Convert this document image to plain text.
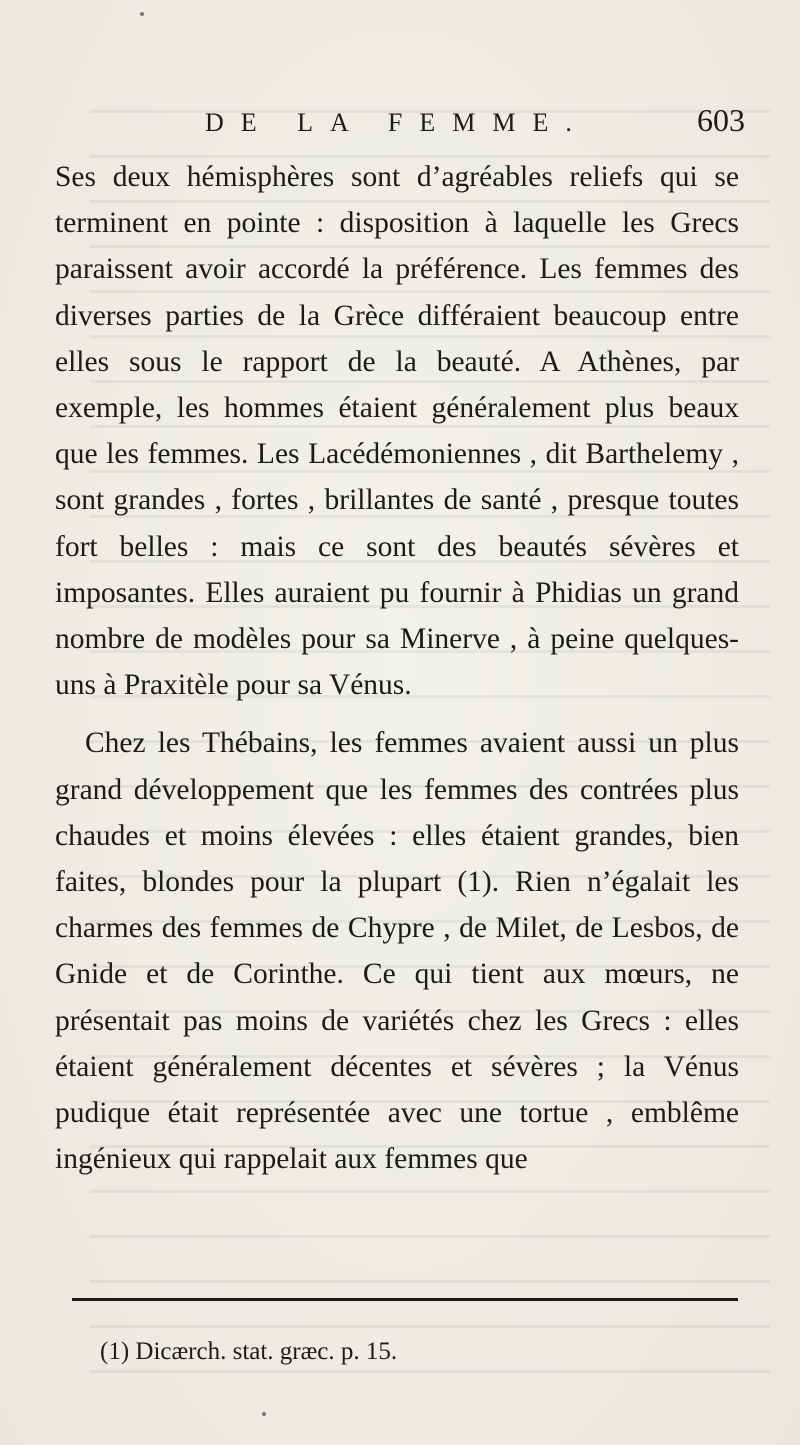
DE LA FEMME.	603

Ses deux hémisphères sont d’agréables reliefs qui se terminent en pointe : disposition à laquelle les Grecs paraissent avoir accordé la préférence. Les femmes des diverses parties de la Grèce différaient beaucoup entre elles sous le rapport de la beauté. A Athènes, par exemple, les hommes étaient généralement plus beaux que les femmes. Les Lacédémoniennes , dit Barthelemy , sont grandes , fortes , brillantes de santé , presque toutes fort belles : mais ce sont des beautés sévères et imposantes. Elles auraient pu fournir à Phidias un grand nombre de modèles pour sa Minerve , à peine quelques-uns à Praxitèle pour sa Vénus.

Chez les Thébains, les femmes avaient aussi un plus grand développement que les femmes des contrées plus chaudes et moins élevées : elles étaient grandes, bien faites, blondes pour la plupart (1). Rien n’égalait les charmes des femmes de Chypre , de Milet, de Lesbos, de Gnide et de Corinthe. Ce qui tient aux mœurs, ne présentait pas moins de variétés chez les Grecs : elles étaient généralement décentes et sévères ; la Vénus pudique était représentée avec une tortue , emblême ingénieux qui rappelait aux femmes que

(1) Dicærch. stat. græc. p. 15.
